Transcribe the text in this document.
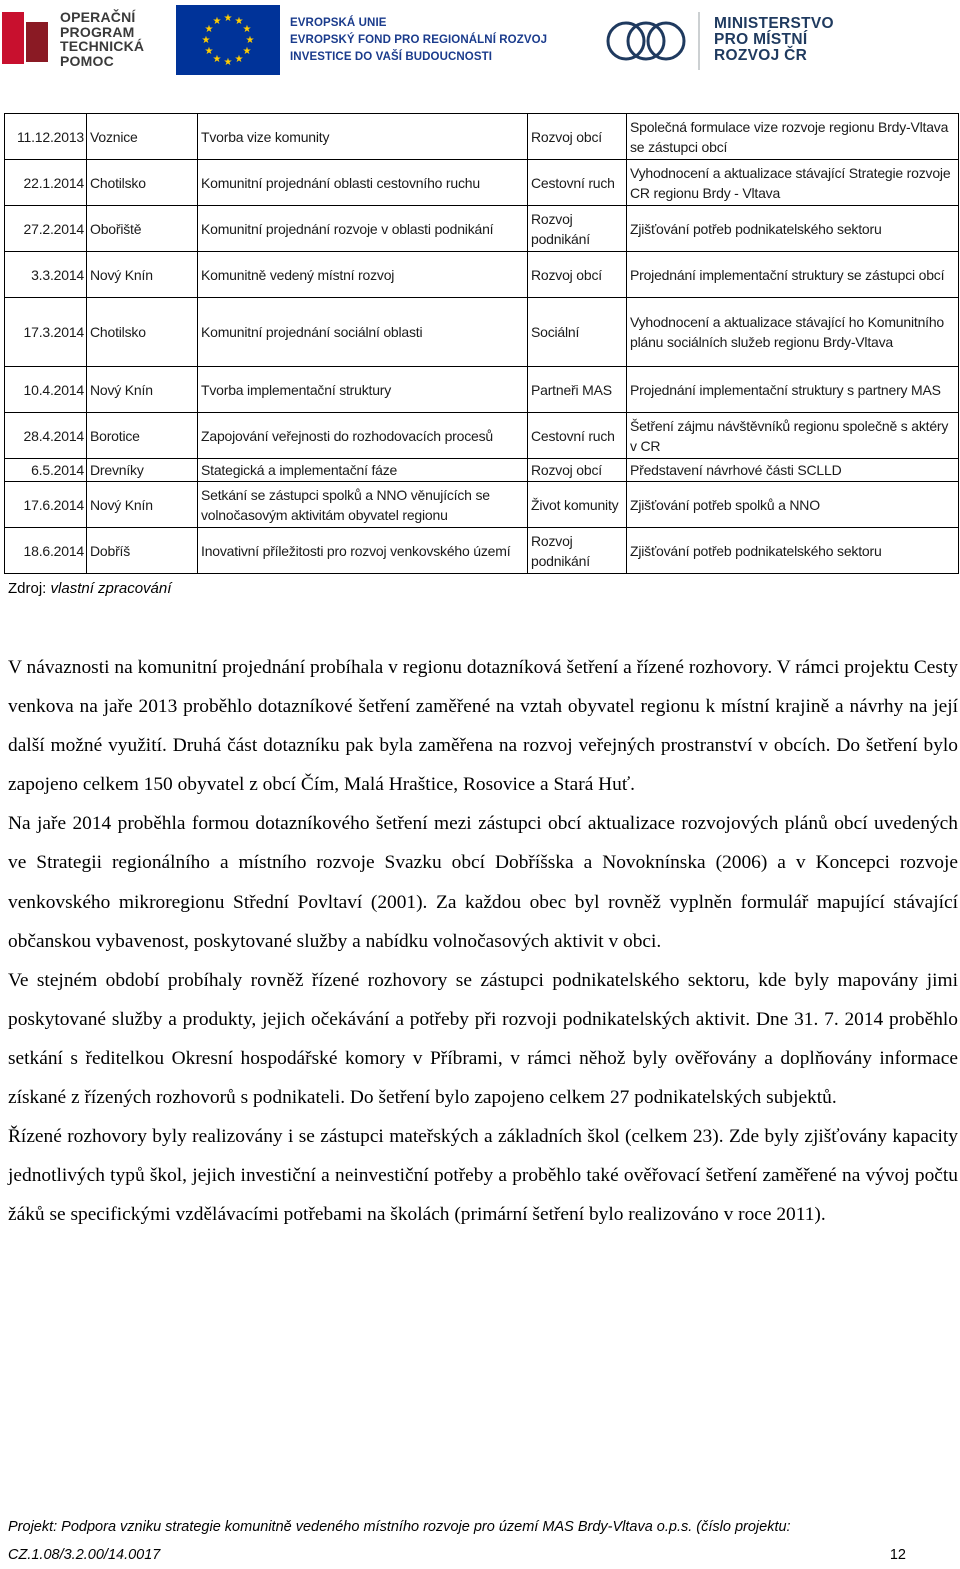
OPERAČNÍ
PROGRAM
TECHNICKÁ
POMOC
★ ★
★
★
★
★
★
★
★
★
★
★	EVROPSKÁ UNIE
EVROPSKÝ FOND PRO REGIONÁLNÍ ROZVOJ
INVESTICE DO VAŠÍ BUDOUCNOSTI
MINISTERSTVO
PRO MÍSTNÍ
ROZVOJ ČR
11.12.2013	Voznice	Tvorba vize komunity	Rozvoj obcí	Společná formulace vize rozvoje regionu Brdy-Vltava se zástupci obcí
22.1.2014	Chotilsko	Komunitní projednání oblasti cestovního ruchu	Cestovní ruch	Vyhodnocení a aktualizace stávající Strategie rozvoje CR regionu Brdy - Vltava
27.2.2014	Obořiště	Komunitní projednání rozvoje v oblasti podnikání	Rozvoj podnikání	Zjišťování potřeb podnikatelského sektoru
3.3.2014	Nový Knín	Komunitně vedený místní rozvoj	Rozvoj obcí	Projednání implementační struktury se zástupci obcí
17.3.2014	Chotilsko	Komunitní projednání sociální oblasti	Sociální	Vyhodnocení a aktualizace stávající ho Komunitního plánu sociálních služeb regionu Brdy-Vltava
10.4.2014	Nový Knín	Tvorba implementační struktury	Partneři MAS	Projednání implementační struktury s partnery MAS
28.4.2014	Borotice	Zapojování veřejnosti do rozhodovacích procesů	Cestovní ruch	Šetření zájmu návštěvníků regionu společně s aktéry v CR
6.5.2014	Drevníky	Stategická a implementační fáze	Rozvoj obcí	Představení návrhové části SCLLD
17.6.2014	Nový Knín	Setkání se zástupci spolků a NNO věnujících se volnočasovým aktivitám obyvatel regionu	Život komunity	Zjišťování potřeb spolků a NNO
18.6.2014	Dobříš	Inovativní příležitosti pro rozvoj venkovského území	Rozvoj podnikání	Zjišťování potřeb podnikatelského sektoru
Zdroj: vlastní zpracování

V návaznosti na komunitní projednání probíhala v regionu dotazníková šetření a řízené rozhovory. V rámci projektu Cesty venkova na jaře 2013 proběhlo dotazníkové šetření zaměřené na vztah obyvatel regionu k místní krajině a návrhy na její další možné využití. Druhá část dotazníku pak byla zaměřena na rozvoj veřejných prostranství v obcích. Do šetření bylo zapojeno celkem 150 obyvatel z obcí Čím, Malá Hraštice, Rosovice a Stará Huť.

Na jaře 2014 proběhla formou dotazníkového šetření mezi zástupci obcí aktualizace rozvojových plánů obcí uvedených ve Strategii regionálního a místního rozvoje Svazku obcí Dobříšska a Novoknínska (2006) a v Koncepci rozvoje venkovského mikroregionu Střední Povltaví (2001). Za každou obec byl rovněž vyplněn formulář mapující stávající občanskou vybavenost, poskytované služby a nabídku volnočasových aktivit v obci.

Ve stejném období probíhaly rovněž řízené rozhovory se zástupci podnikatelského sektoru, kde byly mapovány jimi poskytované služby a produkty, jejich očekávání a potřeby při rozvoji podnikatelských aktivit. Dne 31. 7. 2014 proběhlo setkání s ředitelkou Okresní hospodářské komory v Příbrami, v rámci něhož byly ověřovány a doplňovány informace získané z řízených rozhovorů s podnikateli. Do šetření bylo zapojeno celkem 27 podnikatelských subjektů.

Řízené rozhovory byly realizovány i se zástupci mateřských a základních škol (celkem 23). Zde byly zjišťovány kapacity jednotlivých typů škol, jejich investiční a neinvestiční potřeby a proběhlo také ověřovací šetření zaměřené na vývoj počtu žáků se specifickými vzdělávacími potřebami na školách (primární šetření bylo realizováno v roce 2011).

Projekt: Podpora vzniku strategie komunitně vedeného místního rozvoje pro území MAS Brdy-Vltava o.p.s. (číslo projektu:
CZ.1.08/3.2.00/14.0017	12
